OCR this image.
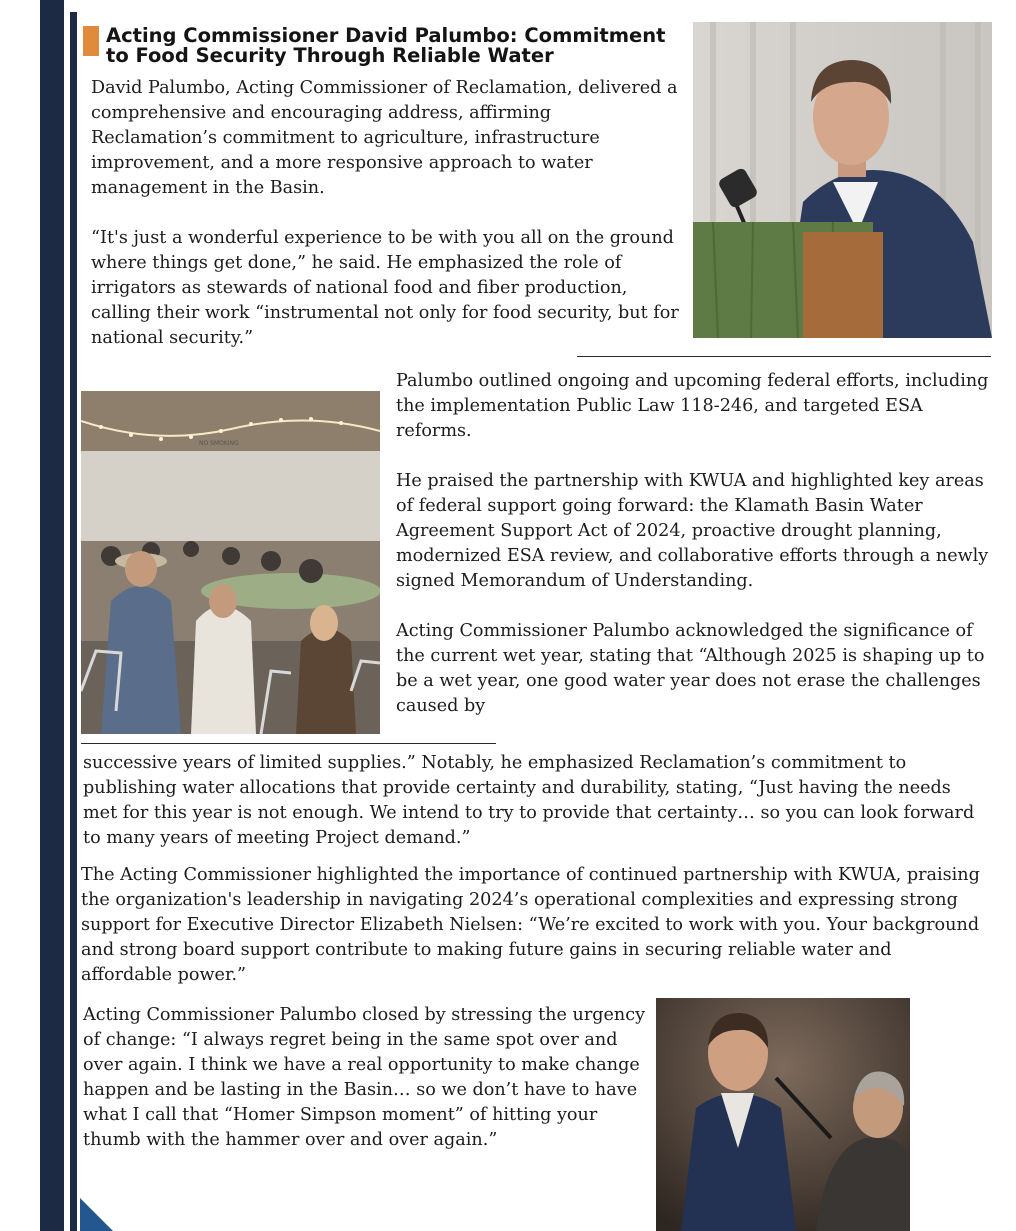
Acting Commissioner David Palumbo: Commitment to Food Security Through Reliable Water

David Palumbo, Acting Commissioner of Reclamation, delivered a comprehensive and encouraging address, affirming Reclamation’s commitment to agriculture, infrastructure improvement, and a more responsive approach to water management in the Basin.

“It's just a wonderful experience to be with you all on the ground where things get done,” he said. He emphasized the role of irrigators as stewards of national food and fiber production, calling their work “instrumental not only for food security, but for national security.”

NO SMOKING

Palumbo outlined ongoing and upcoming federal efforts, including the implementation Public Law 118-246, and targeted ESA reforms.

He praised the partnership with KWUA and highlighted key areas of federal support going forward: the Klamath Basin Water Agreement Support Act of 2024, proactive drought planning, modernized ESA review, and collaborative efforts through a newly signed Memorandum of Understanding.

Acting Commissioner Palumbo acknowledged the significance of the current wet year, stating that “Although 2025 is shaping up to be a wet year, one good water year does not erase the challenges caused by

successive years of limited supplies.” Notably, he emphasized Reclamation’s commitment to publishing water allocations that provide certainty and durability, stating, “Just having the needs met for this year is not enough. We intend to try to provide that certainty… so you can look forward to many years of meeting Project demand.”

The Acting Commissioner highlighted the importance of continued partnership with KWUA, praising the organization's leadership in navigating 2024’s operational complexities and expressing strong support for Executive Director Elizabeth Nielsen: “We’re excited to work with you. Your background and strong board support contribute to making future gains in securing reliable water and affordable power.”

Acting Commissioner Palumbo closed by stressing the urgency of change: “I always regret being in the same spot over and over again. I think we have a real opportunity to make change happen and be lasting in the Basin… so we don’t have to have what I call that “Homer Simpson moment” of hitting your thumb with the hammer over and over again.”
